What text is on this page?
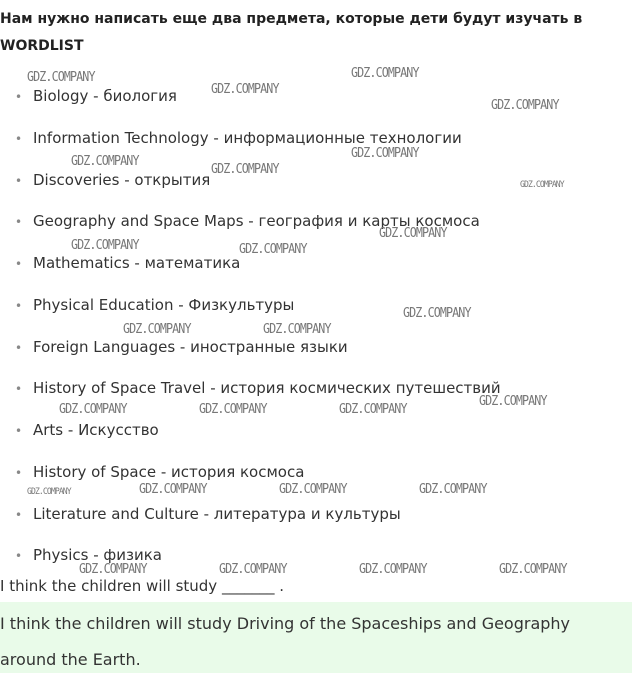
Нам нужно написать еще два предмета, которые дети будут изучать в WORDLIST
• Biology - биология
• Information Technology - информационные технологии
• Discoveries - открытия
• Geography and Space Maps - география и карты космоса
• Mathematics - математика
• Physical Education - Физкультуры
• Foreign Languages - иностранные языки
• History of Space Travel - история космических путешествий
• Arts - Искусство
• History of Space - история космоса
• Literature and Culture - литература и культуры
• Physics - физика
I think the children will study _______ .
I think the children will study Driving of the Spaceships and Geography around the Earth.
GDZ.COMPANY	GDZ.COMPANY
GDZ.COMPANY
GDZ.COMPANY
GDZ.COMPANY
GDZ.COMPANY
GDZ.COMPANY
GDZ.COMPANY
GDZ.COMPANY
GDZ.COMPANY	GDZ.COMPANY
GDZ.COMPANY
GDZ.COMPANY	GDZ.COMPANY
GDZ.COMPANY
GDZ.COMPANY	GDZ.COMPANY	GDZ.COMPANY
GDZ.COMPANY	GDZ.COMPANY	GDZ.COMPANY	GDZ.COMPANY
GDZ.COMPANY	GDZ.COMPANY	GDZ.COMPANY	GDZ.COMPANY
